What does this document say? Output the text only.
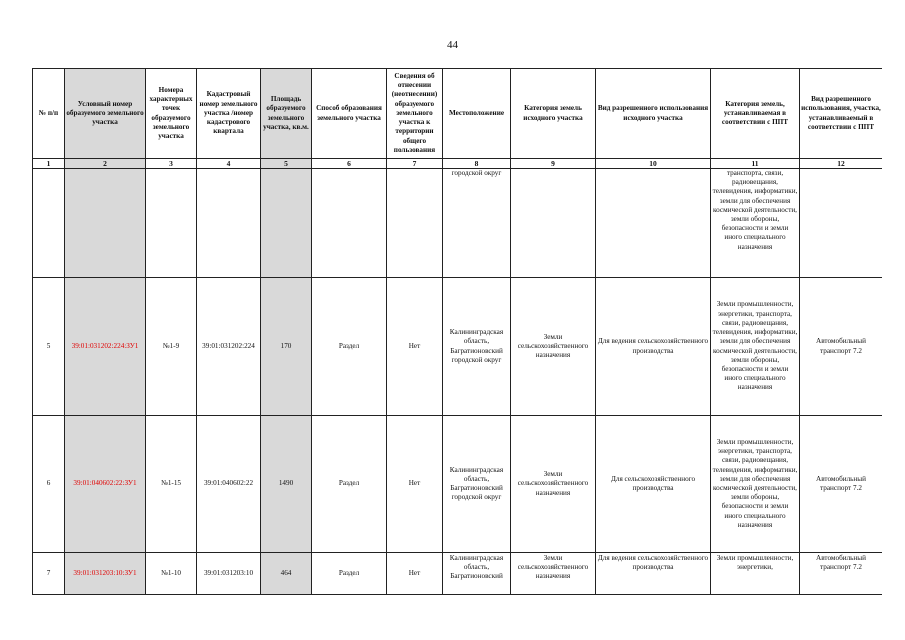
44
№ п/п	Условный номер образуемого земельного участка	Номера характерных точек образуемого земельного участка	Кадастровый номер земельного участка /номер кадастрового квартала	Площадь образуемого земельного участка, кв.м.	Способ образования земельного участка	Сведения об отнесении (неотнесении) образуемого земельного участка к территории общего пользования	Местоположение	Категория земель исходного участка	Вид разрешенного использования исходного участка	Категория земель, устанавливаемая в соответствии с ППТ	Вид разрешенного использования, участка, устанавливаемый в соответствии с ППТ
1	2	3	4	5	6	7	8	9	10	11	12
							городской округ			транспорта, связи, радиовещания, телевидения, информатики, земли для обеспечения космической деятельности, земли обороны, безопасности и земли иного специального назначения	
5	39:01:031202:224:ЗУ1	№1-9	39:01:031202:224	170	Раздел	Нет	Калининградская область, Багратионовский городской округ	Земли сельскохозяйственного назначения	Для ведения сельскохозяйственного производства	Земли промышленности, энергетики, транспорта, связи, радиовещания, телевидения, информатики, земли для обеспечения космической деятельности, земли обороны, безопасности и земли иного специального назначения	Автомобильный транспорт 7.2
6	39:01:040602:22:ЗУ1	№1-15	39:01:040602:22	1490	Раздел	Нет	Калининградская область, Багратионовский городской округ	Земли сельскохозяйственного назначения	Для сельскохозяйственного производства	Земли промышленности, энергетики, транспорта, связи, радиовещания, телевидения, информатики, земли для обеспечения космической деятельности, земли обороны, безопасности и земли иного специального назначения	Автомобильный транспорт 7.2
7	39:01:031203:10:ЗУ1	№1-10	39:01:031203:10	464	Раздел	Нет	Калининградская область, Багратионовский	Земли сельскохозяйственного назначения	Для ведения сельскохозяйственного производства	Земли промышленности, энергетики,	Автомобильный транспорт 7.2
